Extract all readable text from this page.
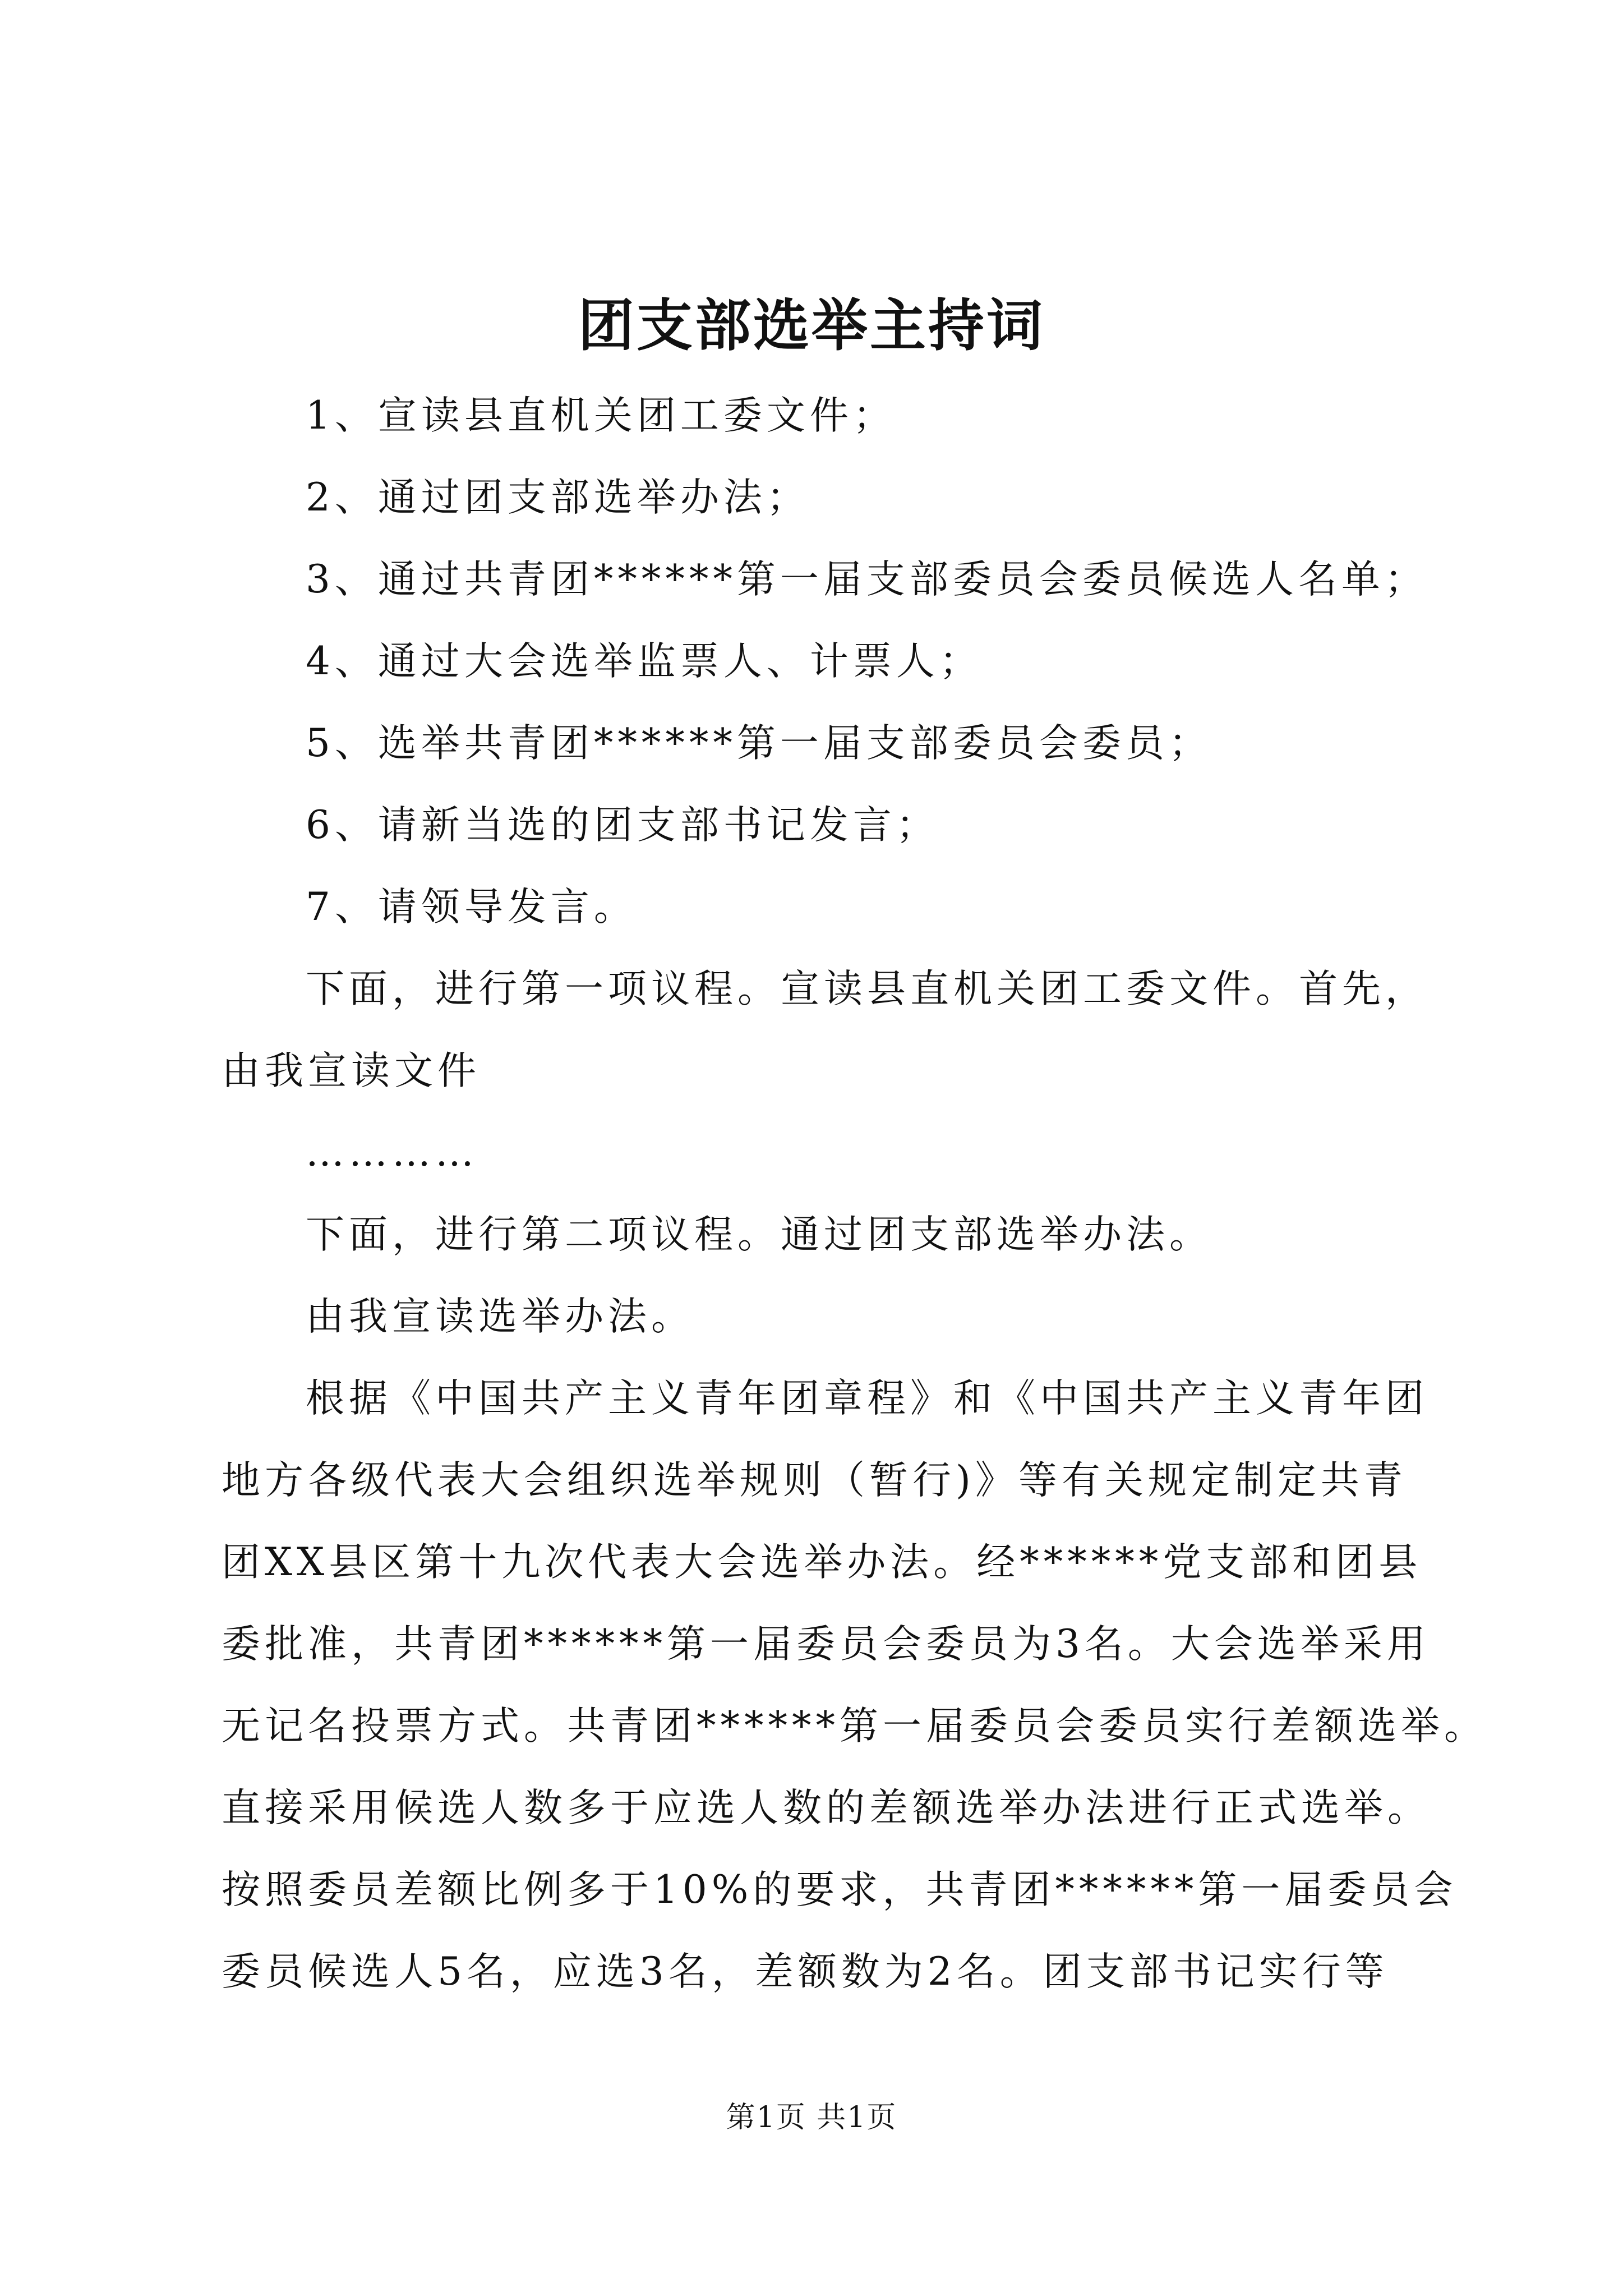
团支部选举主持词
1、宣读县直机关团工委文件；
2、通过团支部选举办法；
3、通过共青团******第一届支部委员会委员候选人名单；
4、通过大会选举监票人、计票人；
5、选举共青团******第一届支部委员会委员；
6、请新当选的团支部书记发言；
7、请领导发言。
下面，进行第一项议程。宣读县直机关团工委文件。首先，
由我宣读文件
…………
下面，进行第二项议程。通过团支部选举办法。
由我宣读选举办法。
根据《中国共产主义青年团章程》和《中国共产主义青年团
地方各级代表大会组织选举规则（暂行)》等有关规定制定共青
团XX县区第十九次代表大会选举办法。经******党支部和团县
委批准，共青团******第一届委员会委员为3名。大会选举采用
无记名投票方式。共青团******第一届委员会委员实行差额选举。
直接采用候选人数多于应选人数的差额选举办法进行正式选举。
按照委员差额比例多于10%的要求，共青团******第一届委员会
委员候选人5名，应选3名，差额数为2名。团支部书记实行等
第1页 共1页
